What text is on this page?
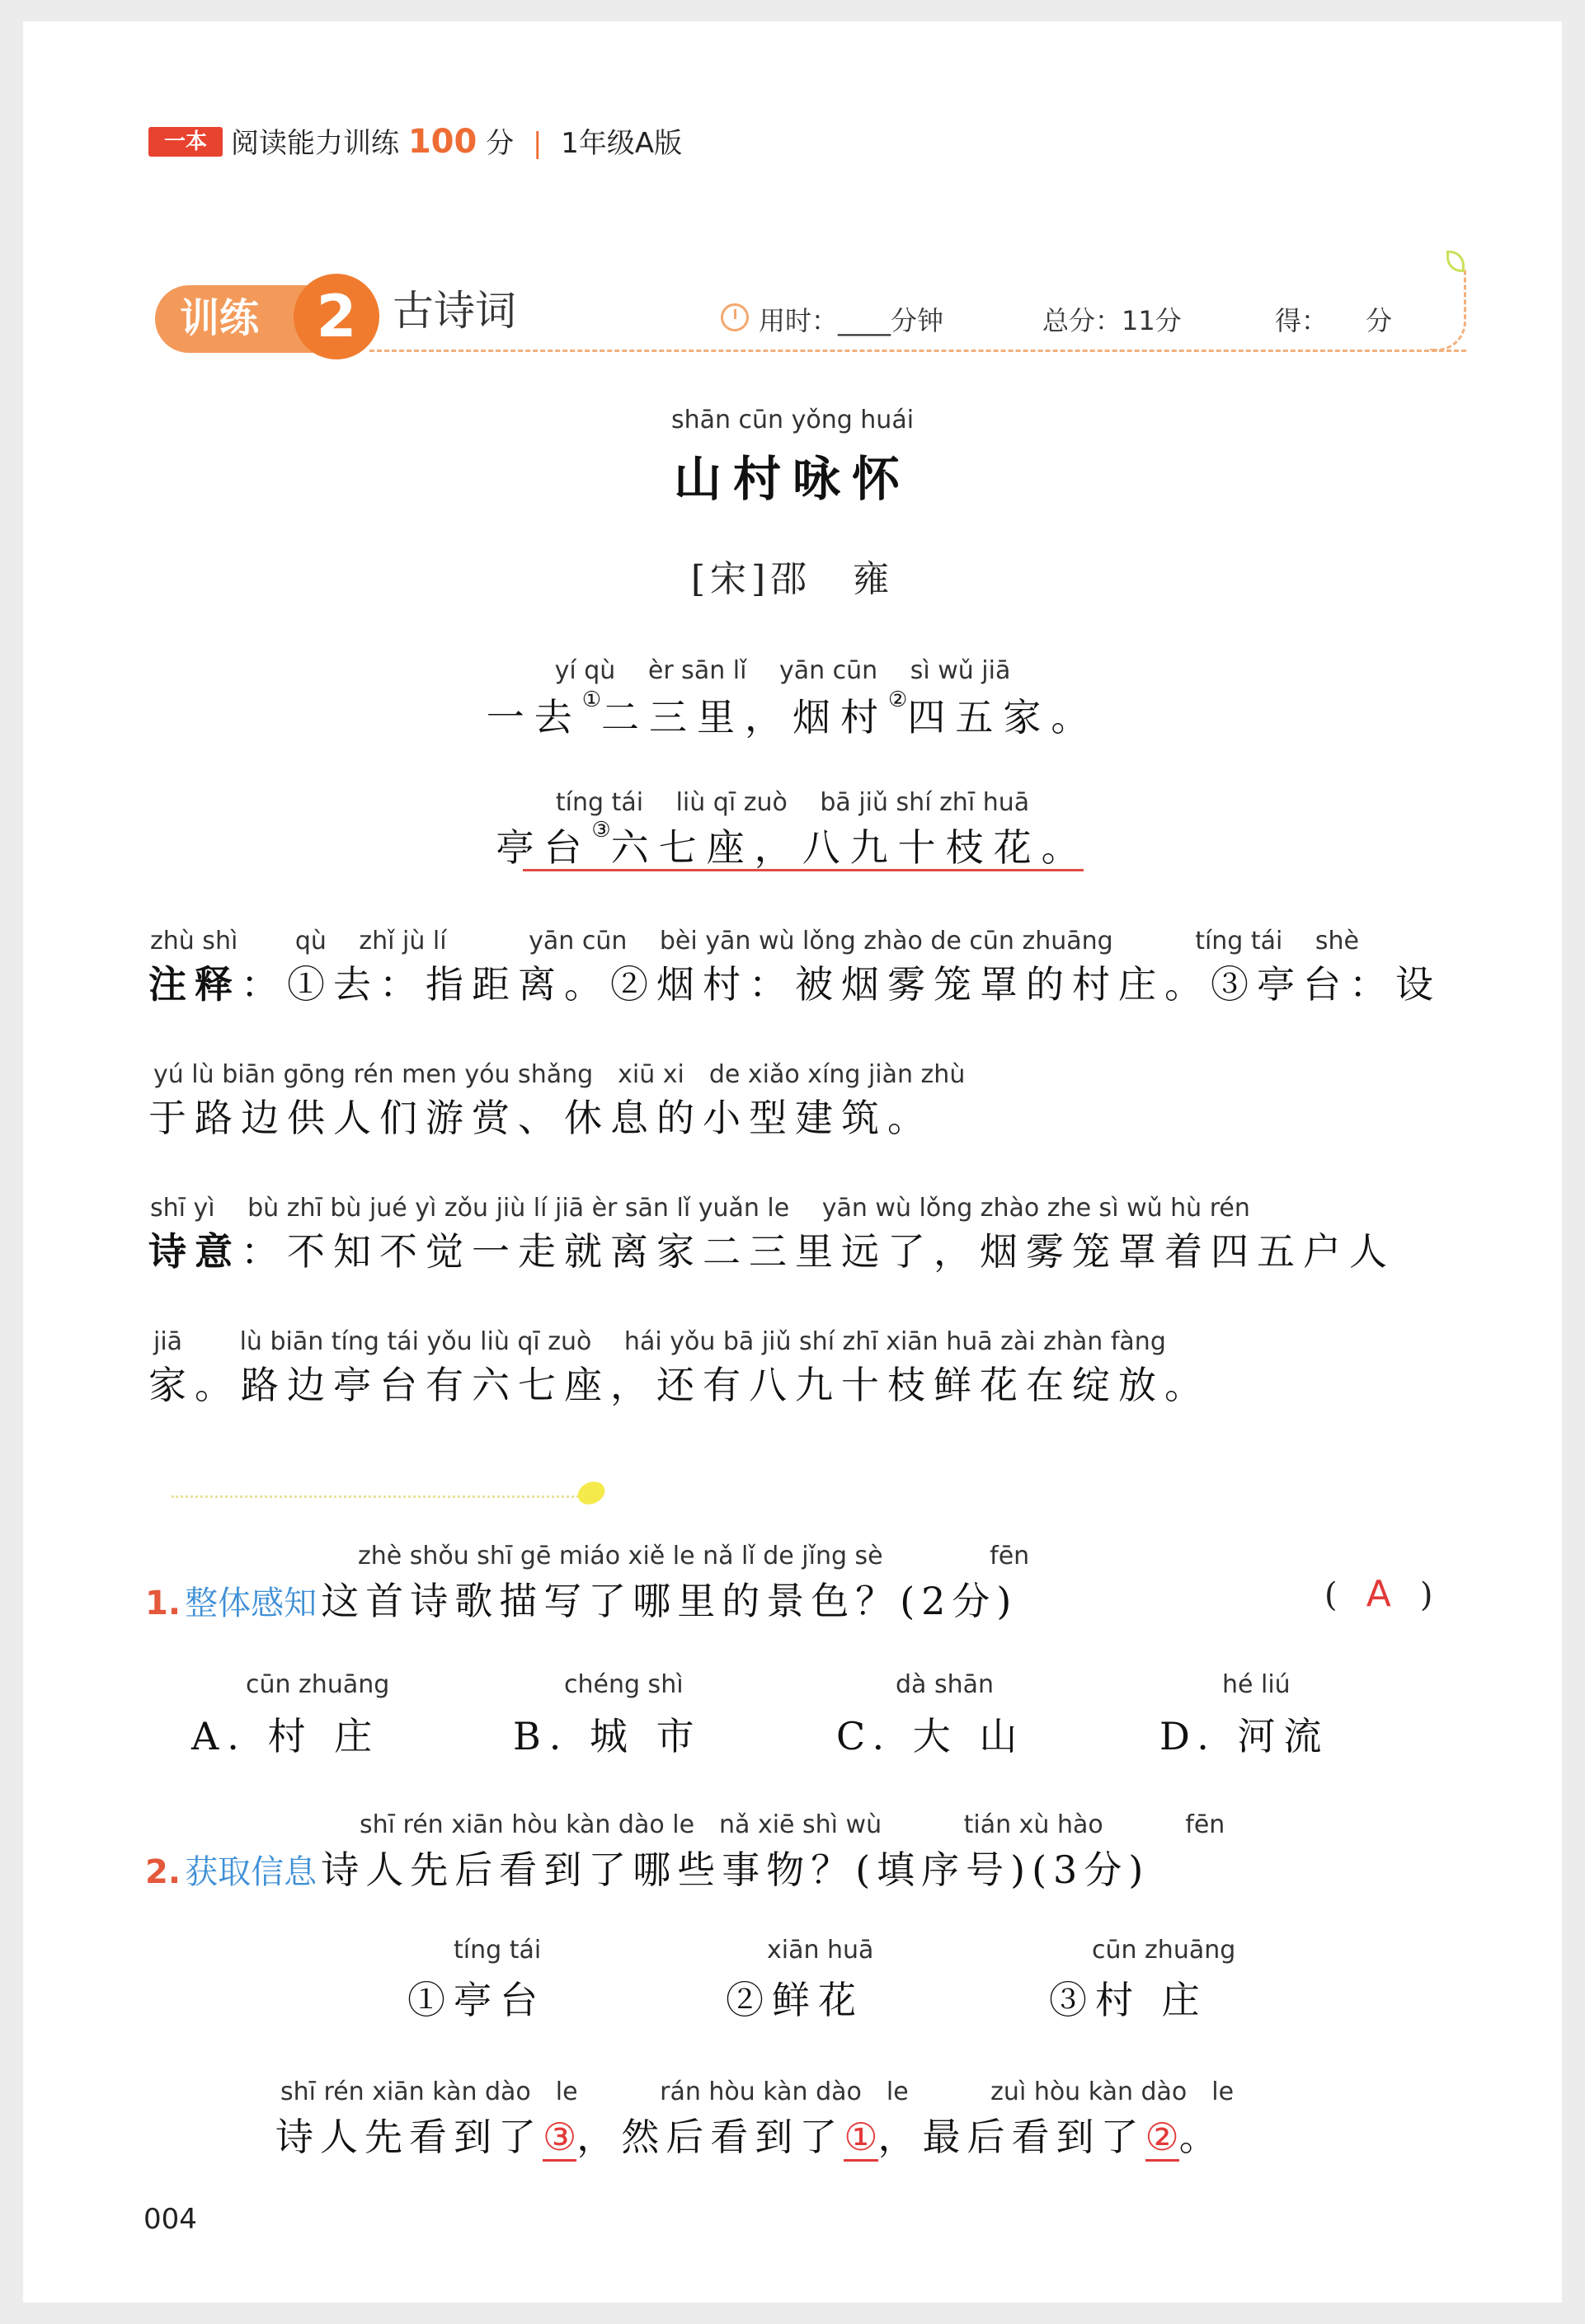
一本 阅读能力训练 100 分 | 1年级A版
训练 2 古诗词	用时：____分钟	总分：11分	得： 分
shān cūn yǒng huái
山村咏怀
[宋]邵　雍
yí qù　 èr sān lǐ　 yān cūn　 sì wǔ jiā
一去①二三里，烟村②四五家。
tíng tái　 liù qī zuò　 bā jiǔ shí zhī huā
亭台③六七座，八九十枝花。
zhù shì　　 qù　 zhǐ jù lí　　　 yān cūn　 bèi yān wù lǒng zhào de cūn zhuāng　　　 tíng tái　 shè
注释：①去：指距离。②烟村：被烟雾笼罩的村庄。③亭台：设
yú lù biān gōng rén men yóu shǎng　xiū xi　de xiǎo xíng jiàn zhù
于路边供人们游赏、休息的小型建筑。
shī yì　 bù zhī bù jué yì zǒu jiù lí jiā èr sān lǐ yuǎn le　 yān wù lǒng zhào zhe sì wǔ hù rén
诗意：不知不觉一走就离家二三里远了，烟雾笼罩着四五户人
jiā　　 lù biān tíng tái yǒu liù qī zuò　 hái yǒu bā jiǔ shí zhī xiān huā zài zhàn fàng
家。路边亭台有六七座，还有八九十枝鲜花在绽放。
zhè shǒu shī gē miáo xiě le nǎ lǐ de jǐng sè　　　　 fēn
1. 整体感知 这首诗歌描写了哪里的景色？(2分)	( A )
cūn zhuāng
A. 村 庄
chéng shì
B. 城 市
dà shān
C. 大 山
hé liú
D. 河流
shī rén xiān hòu kàn dào le　nǎ xiē shì wù　　　 tián xù hào　　　 fēn
2. 获取信息 诗人先后看到了哪些事物？(填序号)(3分)
tíng tái
①亭台
xiān huā
②鲜花
cūn zhuāng
③村 庄
shī rén xiān kàn dào　le　　　 rán hòu kàn dào　le　　　 zuì hòu kàn dào　le
诗人先看到了③，然后看到了①，最后看到了②。
004
